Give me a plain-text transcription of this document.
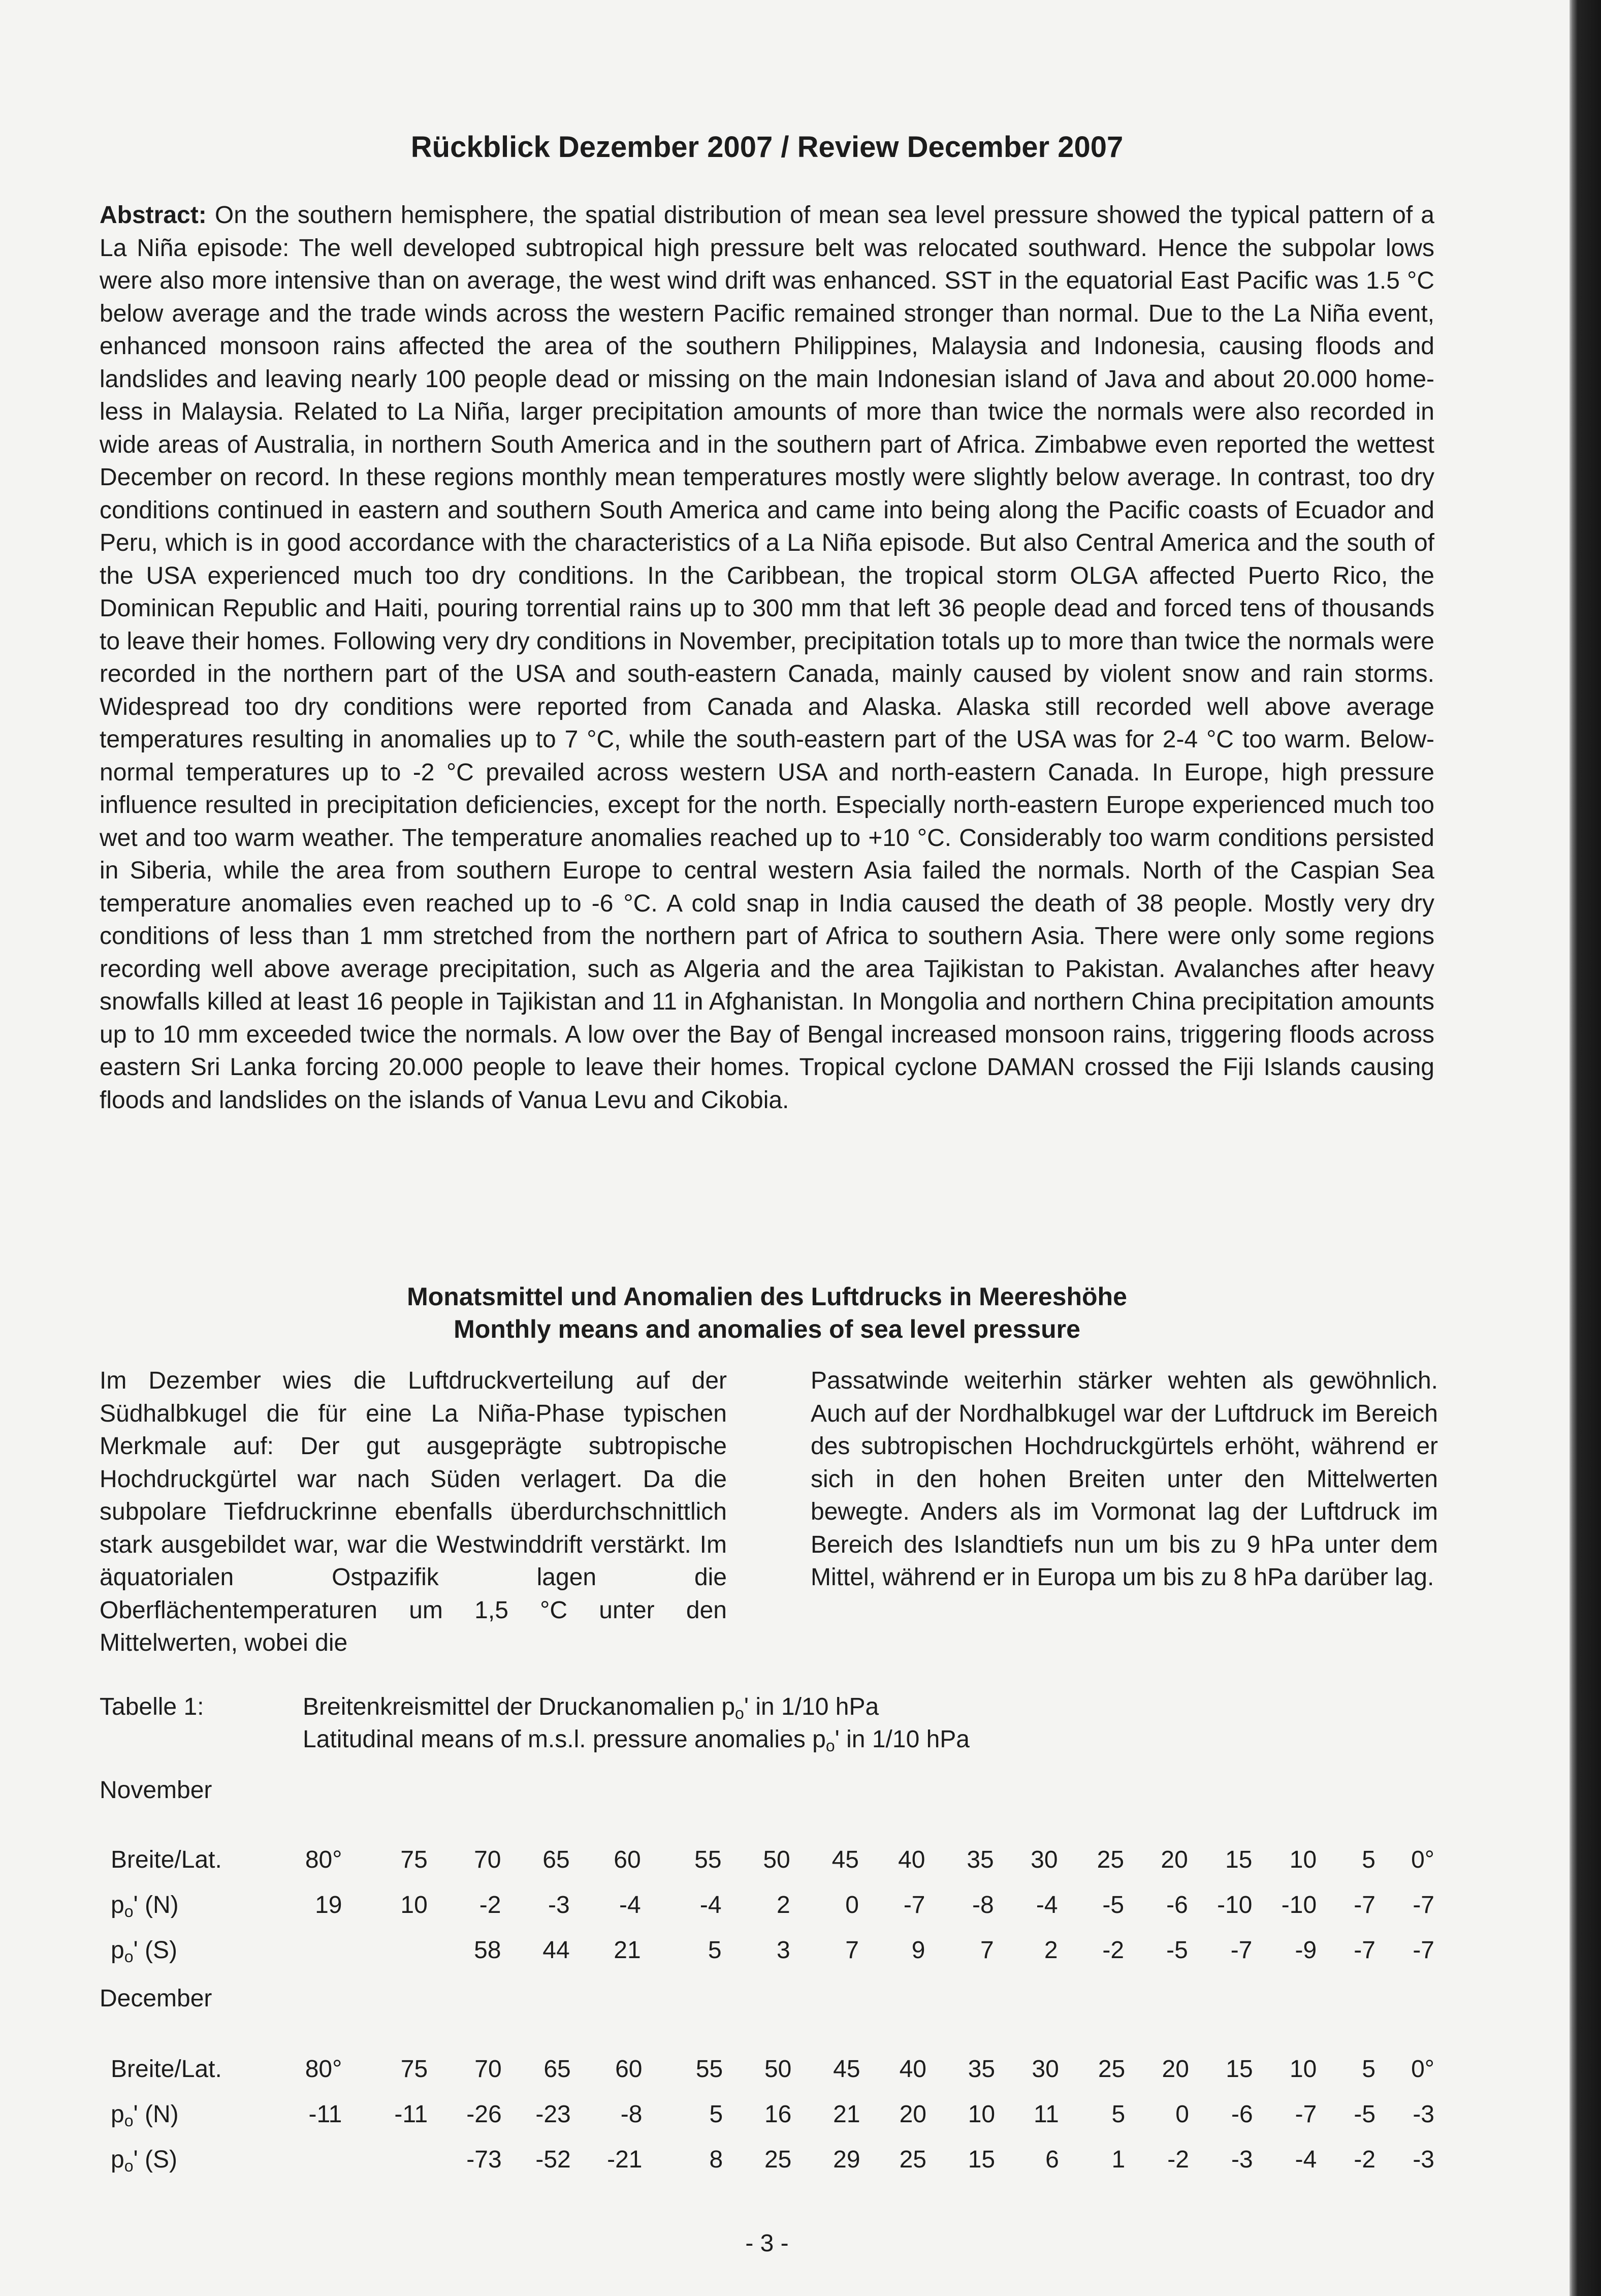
Rückblick Dezember 2007 / Review December 2007

Abstract: On the southern hemisphere, the spatial distribution of mean sea level pressure showed the typical pattern of a La Niña episode: The well developed subtropical high pressure belt was relocated southward. Hence the subpolar lows were also more intensive than on average, the west wind drift was enhanced. SST in the equatorial East Pacific was 1.5 °C below average and the trade winds across the western Pacific remained stronger than normal. Due to the La Niña event, enhanced monsoon rains affected the area of the southern Philippines, Malaysia and Indonesia, causing floods and landslides and leaving nearly 100 people dead or missing on the main Indonesian island of Java and about 20.000 homeless in Malaysia. Related to La Niña, larger precipitation amounts of more than twice the normals were also recorded in wide areas of Australia, in northern South America and in the southern part of Africa. Zimbabwe even reported the wettest December on record. In these regions monthly mean temperatures mostly were slightly below average. In contrast, too dry conditions continued in eastern and southern South America and came into being along the Pacific coasts of Ecuador and Peru, which is in good accordance with the characteristics of a La Niña episode. But also Central America and the south of the USA experienced much too dry conditions. In the Caribbean, the tropical storm OLGA affected Puerto Rico, the Dominican Republic and Haiti, pouring torrential rains up to 300 mm that left 36 people dead and forced tens of thousands to leave their homes. Following very dry conditions in November, precipitation totals up to more than twice the normals were recorded in the northern part of the USA and south-eastern Canada, mainly caused by violent snow and rain storms. Widespread too dry conditions were reported from Canada and Alaska. Alaska still recorded well above average temperatures resulting in anomalies up to 7 °C, while the south-eastern part of the USA was for 2-4 °C too warm. Below-normal temperatures up to -2 °C prevailed across western USA and north-eastern Canada. In Europe, high pressure influence resulted in precipitation deficiencies, except for the north. Especially north-eastern Europe experienced much too wet and too warm weather. The temperature anomalies reached up to +10 °C. Considerably too warm conditions persisted in Siberia, while the area from southern Europe to central western Asia failed the normals. North of the Caspian Sea temperature anomalies even reached up to -6 °C. A cold snap in India caused the death of 38 people. Mostly very dry conditions of less than 1 mm stretched from the northern part of Africa to southern Asia. There were only some regions recording well above average precipitation, such as Algeria and the area Tajikistan to Pakistan. Avalanches after heavy snowfalls killed at least 16 people in Tajikistan and 11 in Afghanistan. In Mongolia and northern China precipitation amounts up to 10 mm exceeded twice the normals. A low over the Bay of Bengal increased monsoon rains, triggering floods across eastern Sri Lanka forcing 20.000 people to leave their homes. Tropical cyclone DAMAN crossed the Fiji Islands causing floods and landslides on the islands of Vanua Levu and Cikobia.

Monatsmittel und Anomalien des Luftdrucks in Meereshöhe
Monthly means and anomalies of sea level pressure

Im Dezember wies die Luftdruckverteilung auf der Südhalbkugel die für eine La Niña-Phase typischen Merkmale auf: Der gut ausgeprägte subtropische Hochdruckgürtel war nach Süden verlagert. Da die subpolare Tiefdruckrinne ebenfalls überdurchschnittlich stark ausgebildet war, war die Westwinddrift verstärkt. Im äquatorialen Ostpazifik lagen die Oberflächentemperaturen um 1,5 °C unter den Mittelwerten, wobei die

Passatwinde weiterhin stärker wehten als gewöhnlich. Auch auf der Nordhalbkugel war der Luftdruck im Bereich des subtropischen Hochdruckgürtels erhöht, während er sich in den hohen Breiten unter den Mittelwerten bewegte. Anders als im Vormonat lag der Luftdruck im Bereich des Islandtiefs nun um bis zu 9 hPa unter dem Mittel, während er in Europa um bis zu 8 hPa darüber lag.

Tabelle 1:	Breitenkreismittel der Druckanomalien $p_o'$ in 1/10 hPa
Latitudinal means of m.s.l. pressure anomalies $p_o'$ in 1/10 hPa
November
Breite/Lat.	80°	75	70	65	60	55	50	45	40	35	30	25	20	15	10	5	0°
$p_o'$ (N)	19	10	-2	-3	-4	-4	2	0	-7	-8	-4	-5	-6	-10	-10	-7	-7
$p_o'$ (S)			58	44	21	5	3	7	9	7	2	-2	-5	-7	-9	-7	-7
December
Breite/Lat.	80°	75	70	65	60	55	50	45	40	35	30	25	20	15	10	5	0°
$p_o'$ (N)	-11	-11	-26	-23	-8	5	16	21	20	10	11	5	0	-6	-7	-5	-3
$p_o'$ (S)			-73	-52	-21	8	25	29	25	15	6	1	-2	-3	-4	-2	-3
- 3 -
